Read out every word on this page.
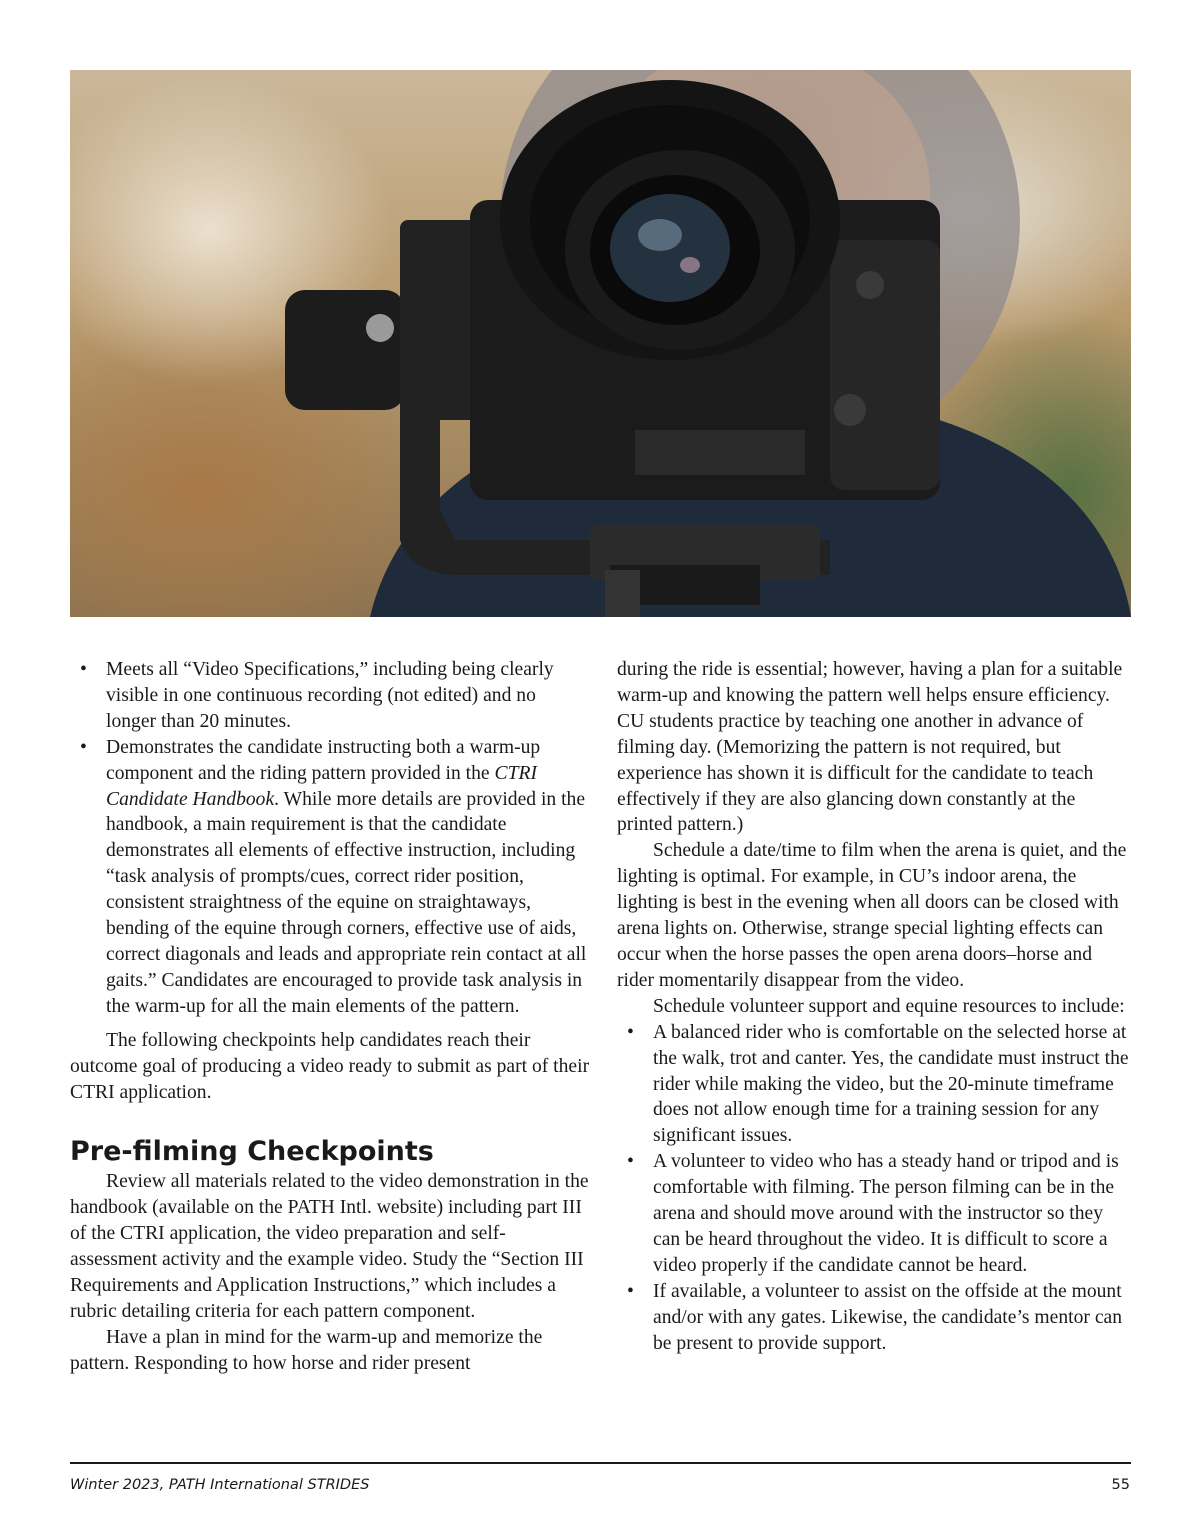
• Meets all “Video Specifications,” including being clearly visible in one continuous recording (not edited) and no longer than 20 minutes.
• Demonstrates the candidate instructing both a warm-up component and the riding pattern provided in the CTRI Candidate Handbook. While more details are provided in the handbook, a main requirement is that the candidate demonstrates all elements of effective instruction, including “task analysis of prompts/cues, correct rider position, consistent straightness of the equine on straightaways, bending of the equine through corners, effective use of aids, correct diagonals and leads and appropriate rein contact at all gaits.” Candidates are encouraged to provide task analysis in the warm-up for all the main elements of the pattern.

The following checkpoints help candidates reach their outcome goal of producing a video ready to submit as part of their CTRI application.

Pre-filming Checkpoints

Review all materials related to the video demonstration in the handbook (available on the PATH Intl. website) including part III of the CTRI application, the video preparation and self-assessment activity and the example video. Study the “Section III Requirements and Application Instructions,” which includes a rubric detailing criteria for each pattern component.

Have a plan in mind for the warm-up and memorize the pattern. Responding to how horse and rider present

during the ride is essential; however, having a plan for a suitable warm-up and knowing the pattern well helps ensure efficiency. CU students practice by teaching one another in advance of filming day. (Memorizing the pattern is not required, but experience has shown it is difficult for the candidate to teach effectively if they are also glancing down constantly at the printed pattern.)

Schedule a date/time to film when the arena is quiet, and the lighting is optimal. For example, in CU’s indoor arena, the lighting is best in the evening when all doors can be closed with arena lights on. Otherwise, strange special lighting effects can occur when the horse passes the open arena doors–horse and rider momentarily disappear from the video.

Schedule volunteer support and equine resources to include:

• A balanced rider who is comfortable on the selected horse at the walk, trot and canter. Yes, the candidate must instruct the rider while making the video, but the 20-minute timeframe does not allow enough time for a training session for any significant issues.
• A volunteer to video who has a steady hand or tripod and is comfortable with filming. The person filming can be in the arena and should move around with the instructor so they can be heard throughout the video. It is difficult to score a video properly if the candidate cannot be heard.
• If available, a volunteer to assist on the offside at the mount and/or with any gates. Likewise, the candidate’s mentor can be present to provide support.
Winter 2023, PATH International STRIDES	55
